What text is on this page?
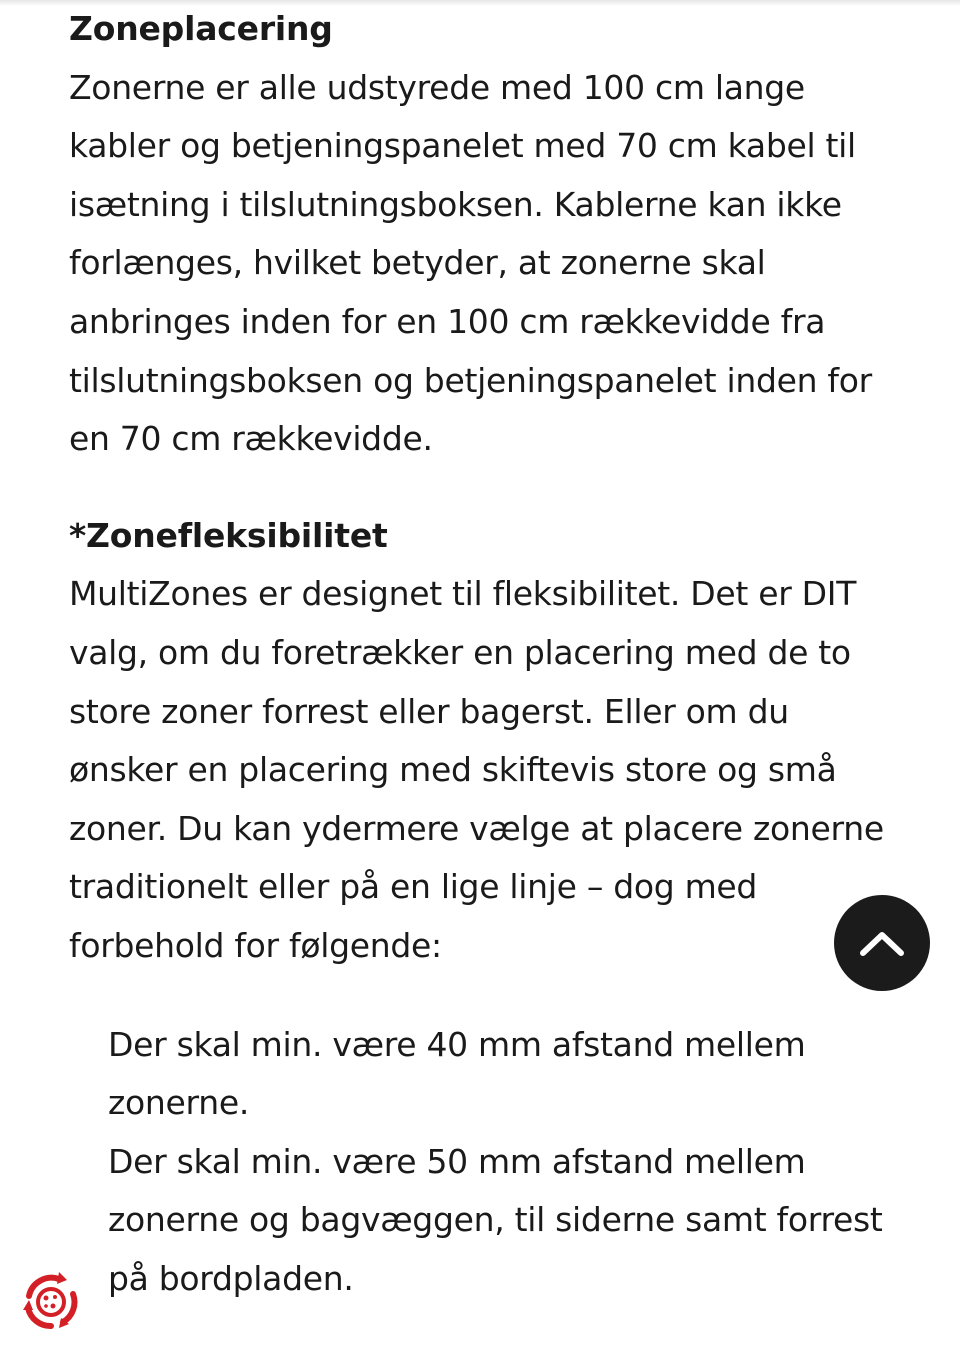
Zoneplacering

Zonerne er alle udstyrede med 100 cm lange kabler og betjeningspanelet med 70 cm kabel til isætning i tilslutningsboksen. Kablerne kan ikke forlænges, hvilket betyder, at zonerne skal anbringes inden for en 100 cm rækkevidde fra tilslutningsboksen og betjeningspanelet inden for en 70 cm rækkevidde.

*Zonefleksibilitet

MultiZones er designet til fleksibilitet. Det er DIT valg, om du foretrækker en placering med de to store zoner forrest eller bagerst. Eller om du ønsker en placering med skiftevis store og små zoner. Du kan ydermere vælge at placere zonerne traditionelt eller på en lige linje – dog med forbehold for følgende:

Der skal min. være 40 mm afstand mellem zonerne.
Der skal min. være 50 mm afstand mellem zonerne og bagvæggen, til siderne samt forrest på bordpladen.
